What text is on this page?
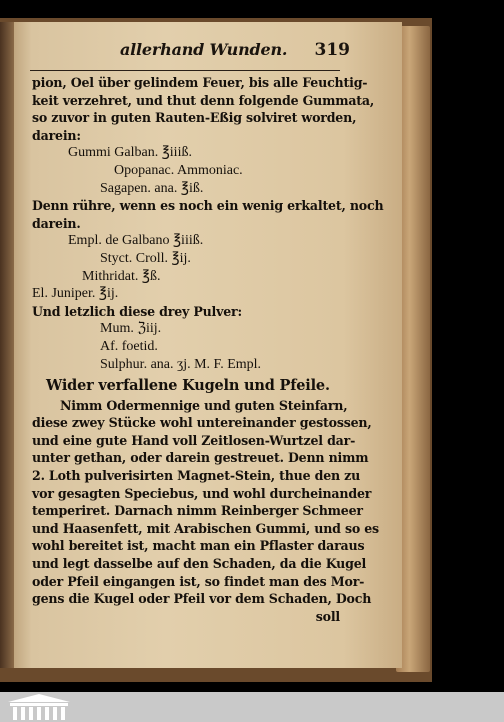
allerhand Wunden. 319
pion, Oel über gelindem Feuer, bis alle Feuchtig-
keit verzehret, und thut denn folgende Gummata,
so zuvor in guten Rauten-Eßig solviret worden,
darein:
Gummi Galban. ℥iiiß.
Opopanac. Ammoniac.
Sagapen. ana. ℥iß.
Denn rühre, wenn es noch ein wenig erkaltet, noch
darein.
Empl. de Galbano ℥iiiß.
Styct. Croll. ℥ij.
Mithridat. ℥ß.
El. Juniper. ℥ij.
Und letzlich diese drey Pulver:
Mum. ℨiij.
Af. foetid.
Sulphur. ana. ʒj. M. F. Empl.
Wider verfallene Kugeln und Pfeile.
Nimm Odermennige und guten Steinfarn,
diese zwey Stücke wohl untereinander gestossen,
und eine gute Hand voll Zeitlosen-Wurtzel dar-
unter gethan, oder darein gestreuet. Denn nimm
2. Loth pulverisirten Magnet-Stein, thue den zu
vor gesagten Speciebus, und wohl durcheinander
temperiret. Darnach nimm Reinberger Schmeer
und Haasenfett, mit Arabischen Gummi, und so es
wohl bereitet ist, macht man ein Pflaster daraus
und legt dasselbe auf den Schaden, da die Kugel
oder Pfeil eingangen ist, so findet man des Mor-
gens die Kugel oder Pfeil vor dem Schaden, Doch
soll
